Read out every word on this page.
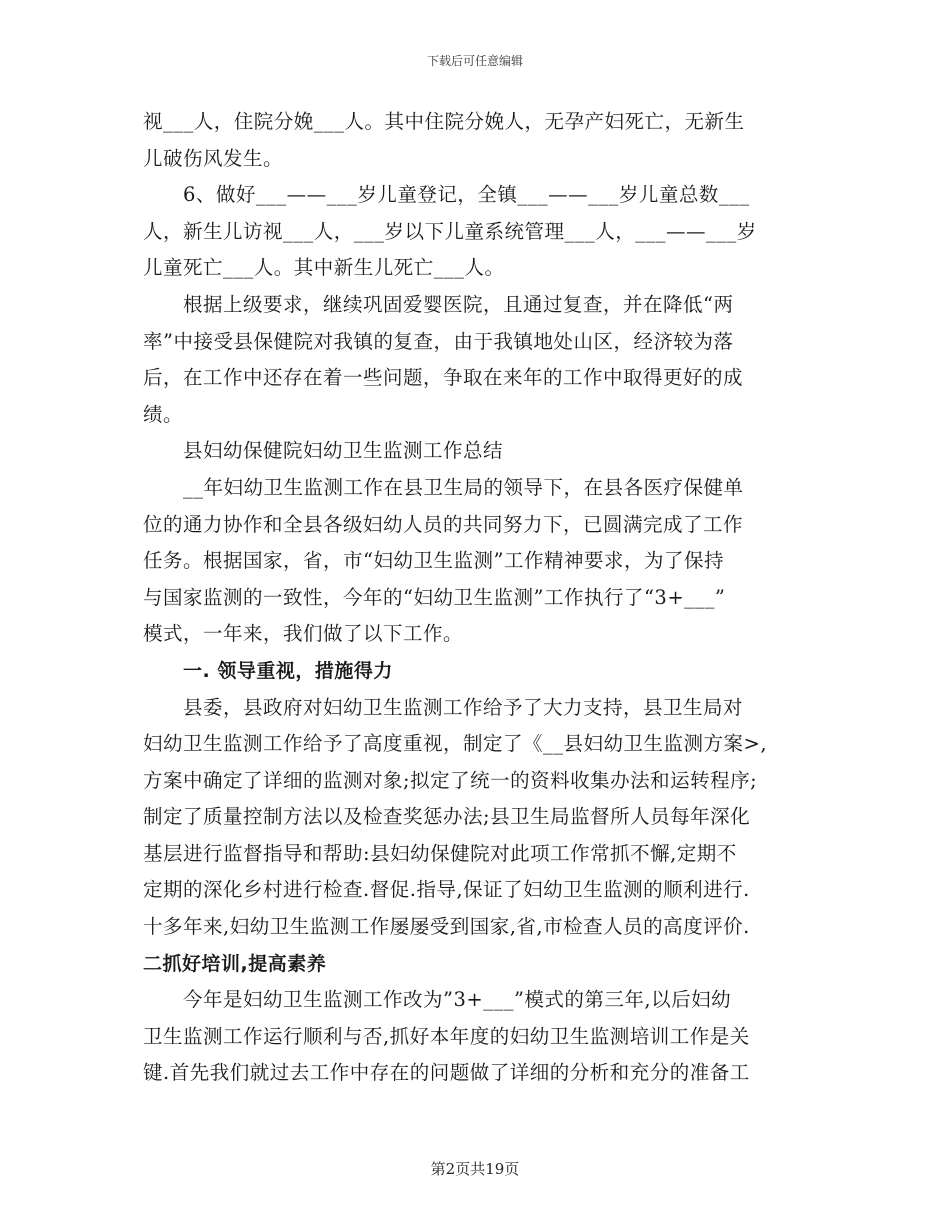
下载后可任意编辑
视___人，住院分娩___人。其中住院分娩人，无孕产妇死亡，无新生
儿破伤风发生。
6、做好___——___岁儿童登记，全镇___——___岁儿童总数___
人，新生儿访视___人，___岁以下儿童系统管理___人，___——___岁
儿童死亡___人。其中新生儿死亡___人。
根据上级要求，继续巩固爱婴医院，且通过复查，并在降低“两
率”中接受县保健院对我镇的复查，由于我镇地处山区，经济较为落
后，在工作中还存在着一些问题，争取在来年的工作中取得更好的成
绩。
县妇幼保健院妇幼卫生监测工作总结
__年妇幼卫生监测工作在县卫生局的领导下，在县各医疗保健单
位的通力协作和全县各级妇幼人员的共同努力下，已圆满完成了工作
任务。根据国家，省，市“妇幼卫生监测”工作精神要求，为了保持
与国家监测的一致性，今年的“妇幼卫生监测”工作执行了“3+___”
模式，一年来，我们做了以下工作。
一. 领导重视，措施得力
县委，县政府对妇幼卫生监测工作给予了大力支持，县卫生局对
妇幼卫生监测工作给予了高度重视，制定了《__县妇幼卫生监测方案>,
方案中确定了详细的监测对象;拟定了统一的资料收集办法和运转程序;
制定了质量控制方法以及检查奖惩办法;县卫生局监督所人员每年深化
基层进行监督指导和帮助:县妇幼保健院对此项工作常抓不懈,定期不
定期的深化乡村进行检查.督促.指导,保证了妇幼卫生监测的顺利进行.
十多年来,妇幼卫生监测工作屡屡受到国家,省,市检查人员的高度评价.
二抓好培训,提高素养
今年是妇幼卫生监测工作改为”3+___”模式的第三年,以后妇幼
卫生监测工作运行顺利与否,抓好本年度的妇幼卫生监测培训工作是关
键.首先我们就过去工作中存在的问题做了详细的分析和充分的准备工
第2页共19页
